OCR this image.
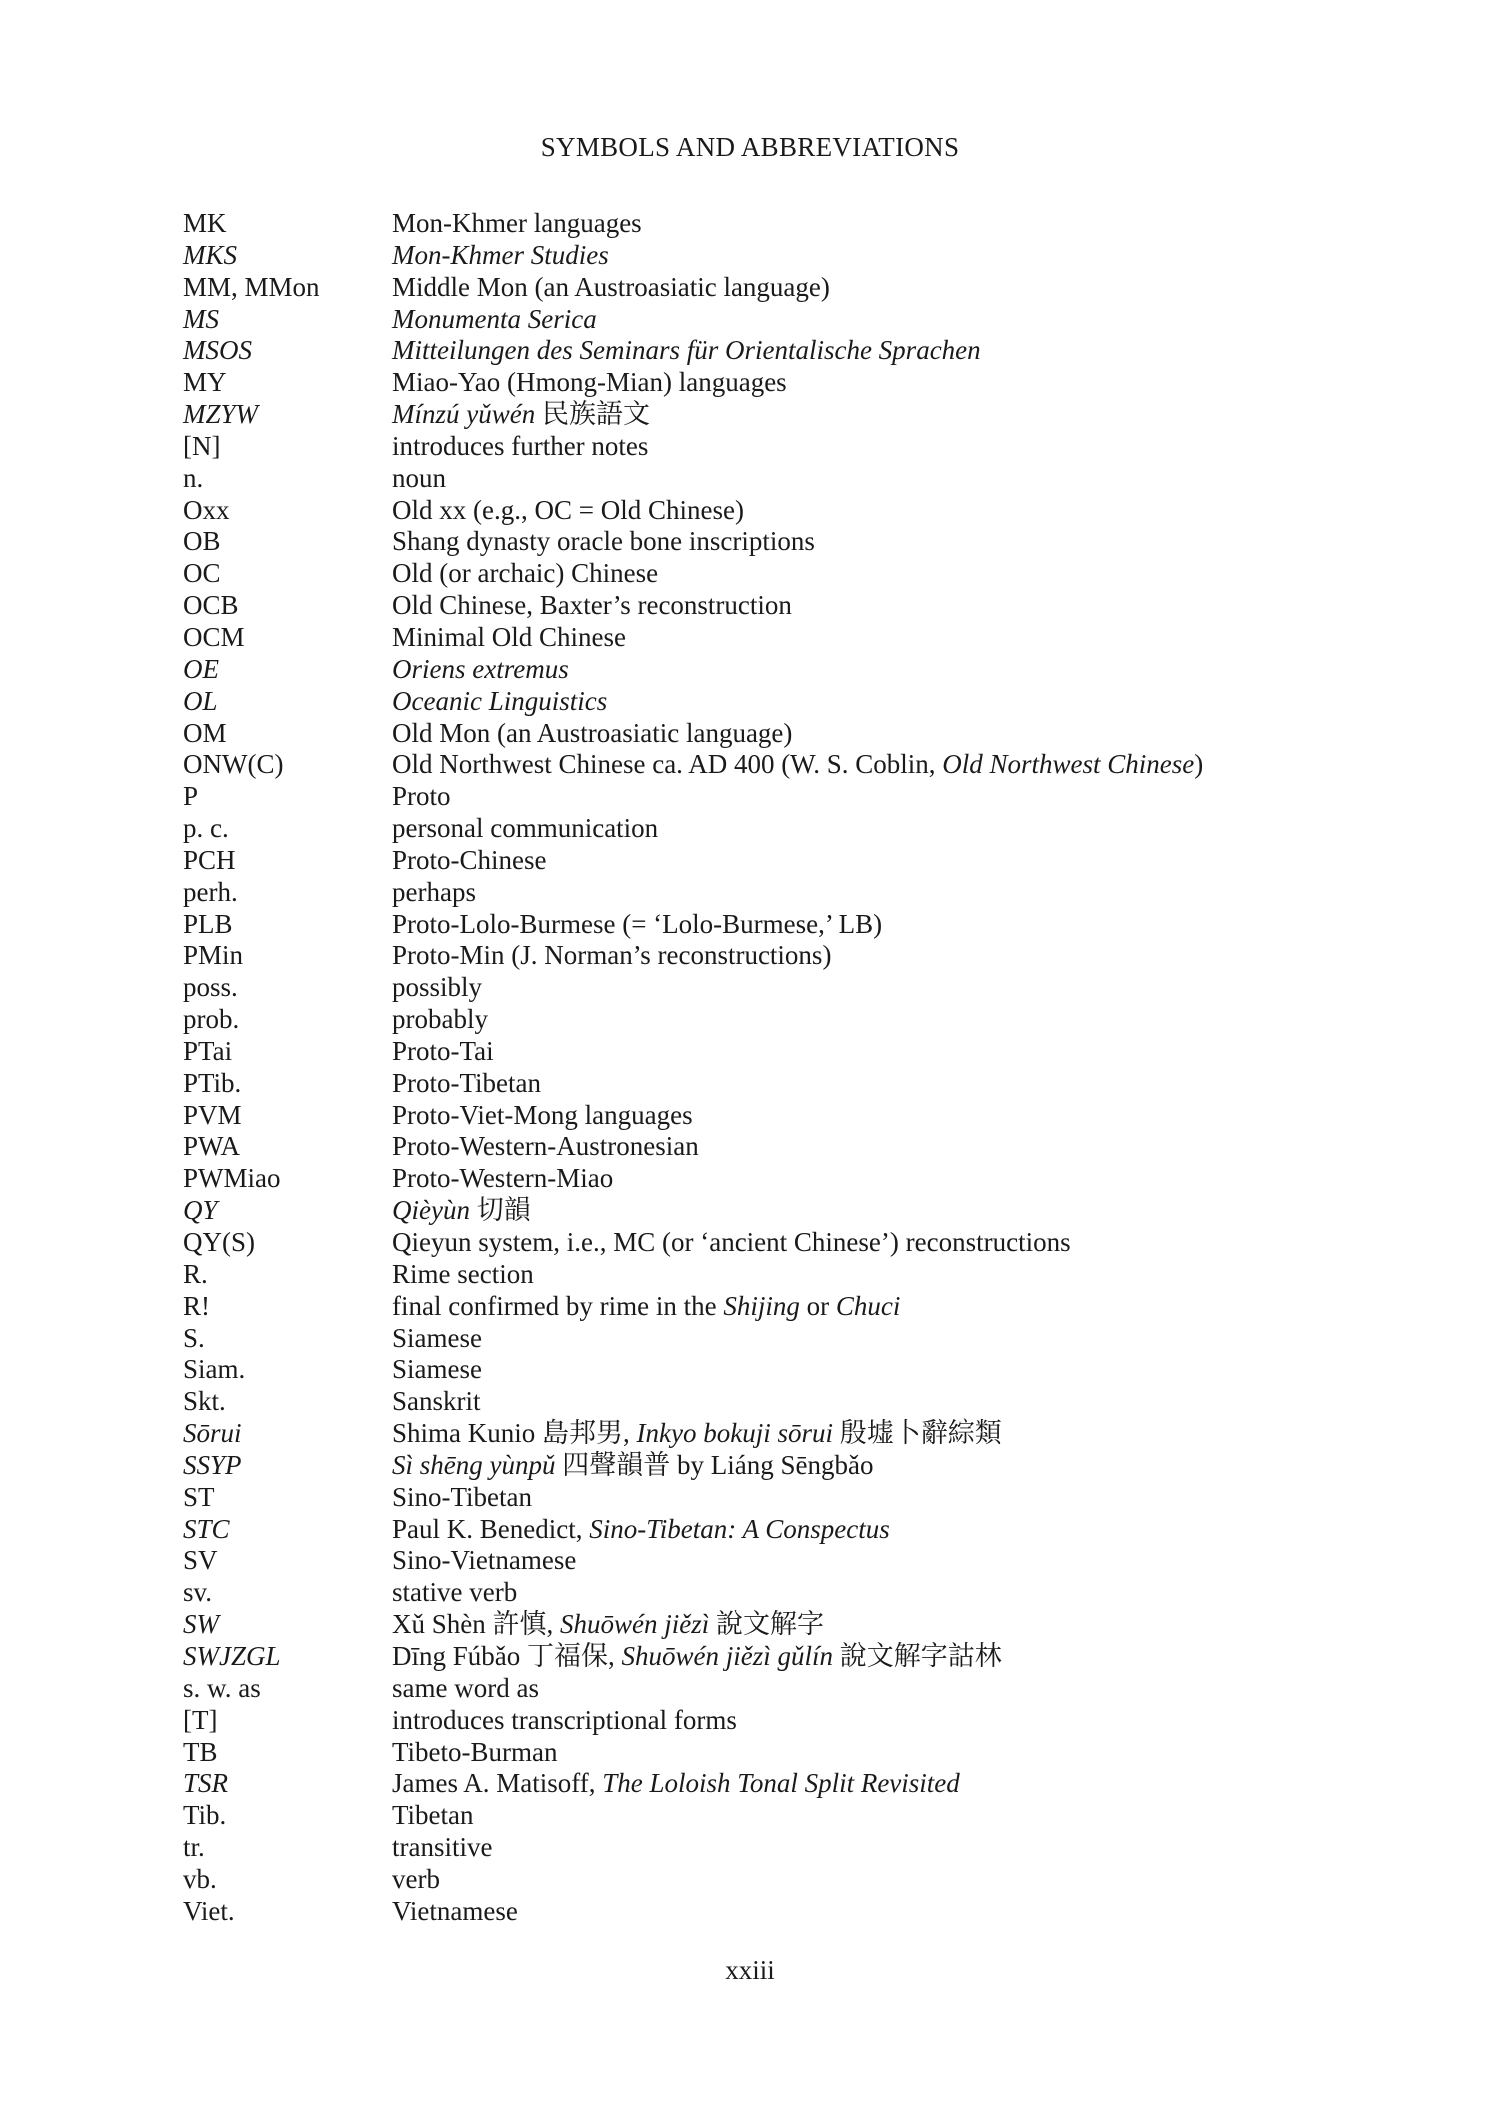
SYMBOLS AND ABBREVIATIONS
MK	Mon-Khmer languages
MKS	Mon-Khmer Studies
MM, MMon	Middle Mon (an Austroasiatic language)
MS	Monumenta Serica
MSOS	Mitteilungen des Seminars für Orientalische Sprachen
MY	Miao-Yao (Hmong-Mian) languages
MZYW	Mínzú yǔwén 民族語文
[N]	introduces further notes
n.	noun
Oxx	Old xx (e.g., OC = Old Chinese)
OB	Shang dynasty oracle bone inscriptions
OC	Old (or archaic) Chinese
OCB	Old Chinese, Baxter’s reconstruction
OCM	Minimal Old Chinese
OE	Oriens extremus
OL	Oceanic Linguistics
OM	Old Mon (an Austroasiatic language)
ONW(C)	Old Northwest Chinese ca. AD 400 (W. S. Coblin, Old Northwest Chinese)
P	Proto
p. c.	personal communication
PCH	Proto-Chinese
perh.	perhaps
PLB	Proto-Lolo-Burmese (= ‘Lolo-Burmese,’ LB)
PMin	Proto-Min (J. Norman’s reconstructions)
poss.	possibly
prob.	probably
PTai	Proto-Tai
PTib.	Proto-Tibetan
PVM	Proto-Viet-Mong languages
PWA	Proto-Western-Austronesian
PWMiao	Proto-Western-Miao
QY	Qièyùn 切韻
QY(S)	Qieyun system, i.e., MC (or ‘ancient Chinese’) reconstructions
R.	Rime section
R!	final confirmed by rime in the Shijing or Chuci
S.	Siamese
Siam.	Siamese
Skt.	Sanskrit
Sōrui	Shima Kunio 島邦男, Inkyo bokuji sōrui 殷墟卜辭綜類
SSYP	Sì shēng yùnpǔ 四聲韻普 by Liáng Sēngbǎo
ST	Sino-Tibetan
STC	Paul K. Benedict, Sino-Tibetan: A Conspectus
SV	Sino-Vietnamese
sv.	stative verb
SW	Xǔ Shèn 許慎, Shuōwén jiězì 說文解字
SWJZGL	Dīng Fúbǎo 丁福保, Shuōwén jiězì gǔlín 說文解字詁林
s. w. as	same word as
[T]	introduces transcriptional forms
TB	Tibeto-Burman
TSR	James A. Matisoff, The Loloish Tonal Split Revisited
Tib.	Tibetan
tr.	transitive
vb.	verb
Viet.	Vietnamese
xxiii
